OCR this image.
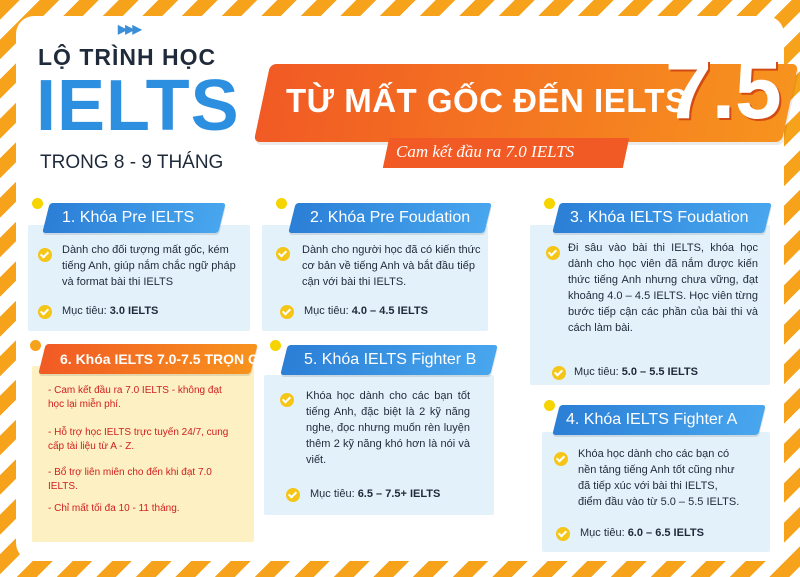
▶▶▶
LỘ TRÌNH HỌC
IELTS
TRONG 8 - 9 THÁNG
TỪ MẤT GỐC ĐẾN IELTS
7.5
Cam kết đầu ra 7.0 IELTS
1. Khóa Pre IELTS
Dành cho đối tượng mất gốc, kém tiếng Anh, giúp nắm chắc ngữ pháp và format bài thi IELTS
Mục tiêu: 3.0 IELTS
2. Khóa Pre Foudation
Dành cho người học đã có kiến thức cơ bản về tiếng Anh và bắt đầu tiếp cận với bài thi IELTS.
Mục tiêu: 4.0 – 4.5 IELTS
3. Khóa IELTS Foudation
Đi sâu vào bài thi IELTS, khóa học dành cho học viên đã nắm được kiến thức tiếng Anh nhưng chưa vững, đạt khoảng 4.0 – 4.5 IELTS. Học viên từng bước tiếp cận các phần của bài thi và cách làm bài.
Mục tiêu: 5.0 – 5.5 IELTS
5. Khóa IELTS Fighter B
Khóa học dành cho các bạn tốt tiếng Anh, đặc biệt là 2 kỹ năng nghe, đọc nhưng muốn rèn luyện thêm 2 kỹ năng khó hơn là nói và viết.
Mục tiêu: 6.5 – 7.5+ IELTS
4. Khóa IELTS Fighter A
Khóa học dành cho các bạn có nền tảng tiếng Anh tốt cũng như đã tiếp xúc với bài thi IELTS, điểm đầu vào từ 5.0 – 5.5 IELTS.
Mục tiêu: 6.0 – 6.5 IELTS
6. Khóa IELTS 7.0-7.5 TRỌN GÓI
- Cam kết đầu ra 7.0 IELTS - không đạt học lại miễn phí.
- Hỗ trợ học IELTS trực tuyến 24/7, cung cấp tài liệu từ A - Z.
- Bổ trợ liên miên cho đến khi đạt 7.0 IELTS.
- Chỉ mất tối đa 10 - 11 tháng.
